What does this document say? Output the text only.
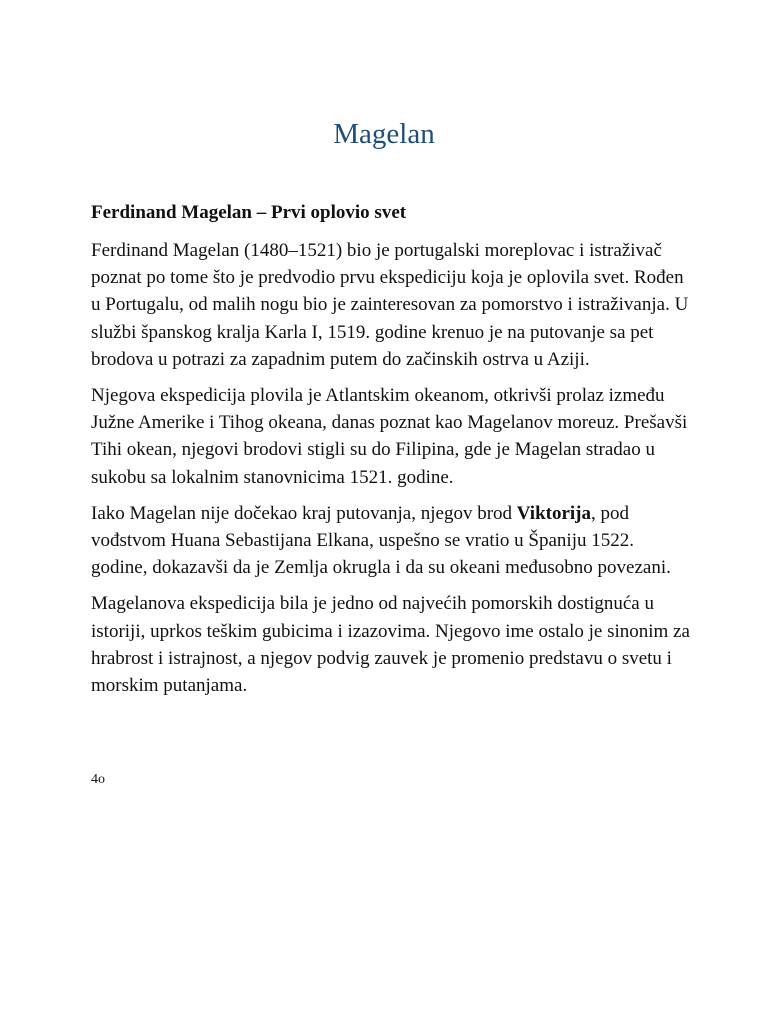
Magelan

Ferdinand Magelan – Prvi oplovio svet

Ferdinand Magelan (1480–1521) bio je portugalski moreplovac i istraživač poznat po tome što je predvodio prvu ekspediciju koja je oplovila svet. Rođen u Portugalu, od malih nogu bio je zainteresovan za pomorstvo i istraživanja. U službi španskog kralja Karla I, 1519. godine krenuo je na putovanje sa pet brodova u potrazi za zapadnim putem do začinskih ostrva u Aziji.

Njegova ekspedicija plovila je Atlantskim okeanom, otkrivši prolaz između Južne Amerike i Tihog okeana, danas poznat kao Magelanov moreuz. Prešavši Tihi okean, njegovi brodovi stigli su do Filipina, gde je Magelan stradao u sukobu sa lokalnim stanovnicima 1521. godine.

Iako Magelan nije dočekao kraj putovanja, njegov brod Viktorija, pod vođstvom Huana Sebastijana Elkana, uspešno se vratio u Španiju 1522. godine, dokazavši da je Zemlja okrugla i da su okeani međusobno povezani.

Magelanova ekspedicija bila je jedno od najvećih pomorskih dostignuća u istoriji, uprkos teškim gubicima i izazovima. Njegovo ime ostalo je sinonim za hrabrost i istrajnost, a njegov podvig zauvek je promenio predstavu o svetu i morskim putanjama.

4o
